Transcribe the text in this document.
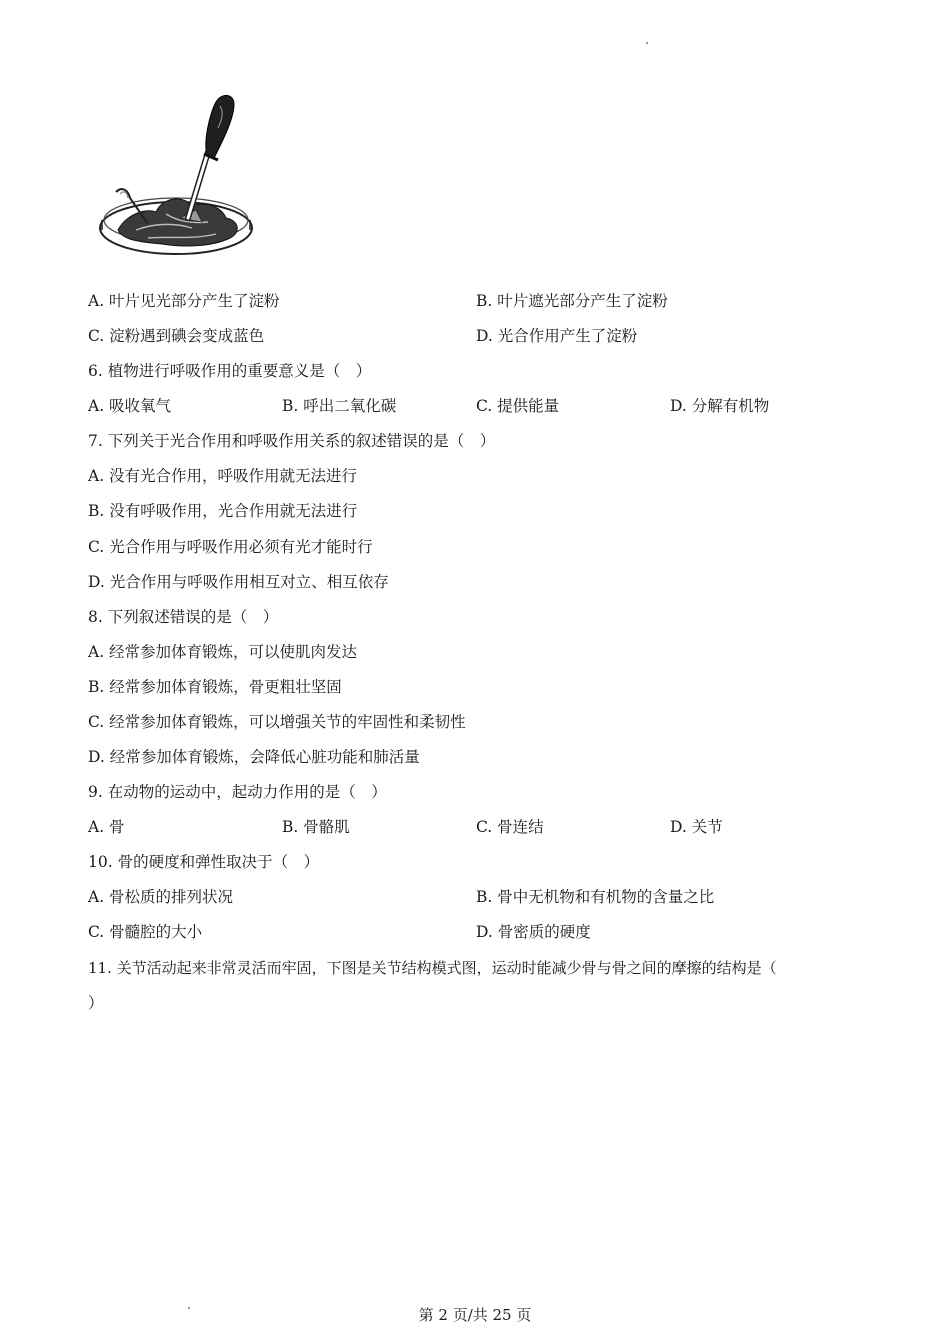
A. 叶片见光部分产生了淀粉	B. 叶片遮光部分产生了淀粉
C. 淀粉遇到碘会变成蓝色	D. 光合作用产生了淀粉
6. 植物进行呼吸作用的重要意义是（　）
A. 吸收氧气	B. 呼出二氧化碳	C. 提供能量	D. 分解有机物
7. 下列关于光合作用和呼吸作用关系的叙述错误的是（　）
A. 没有光合作用，呼吸作用就无法进行
B. 没有呼吸作用，光合作用就无法进行
C. 光合作用与呼吸作用必须有光才能时行
D. 光合作用与呼吸作用相互对立、相互依存
8. 下列叙述错误的是（　）
A. 经常参加体育锻炼，可以使肌肉发达
B. 经常参加体育锻炼，骨更粗壮坚固
C. 经常参加体育锻炼，可以增强关节的牢固性和柔韧性
D. 经常参加体育锻炼，会降低心脏功能和肺活量
9. 在动物的运动中，起动力作用的是（　）
A. 骨	B. 骨骼肌	C. 骨连结	D. 关节
10. 骨的硬度和弹性取决于（　）
A. 骨松质的排列状况	B. 骨中无机物和有机物的含量之比
C. 骨髓腔的大小	D. 骨密质的硬度
11. 关节活动起来非常灵活而牢固，下图是关节结构模式图，运动时能减少骨与骨之间的摩擦的结构是（
）
第 2 页/共 25 页
